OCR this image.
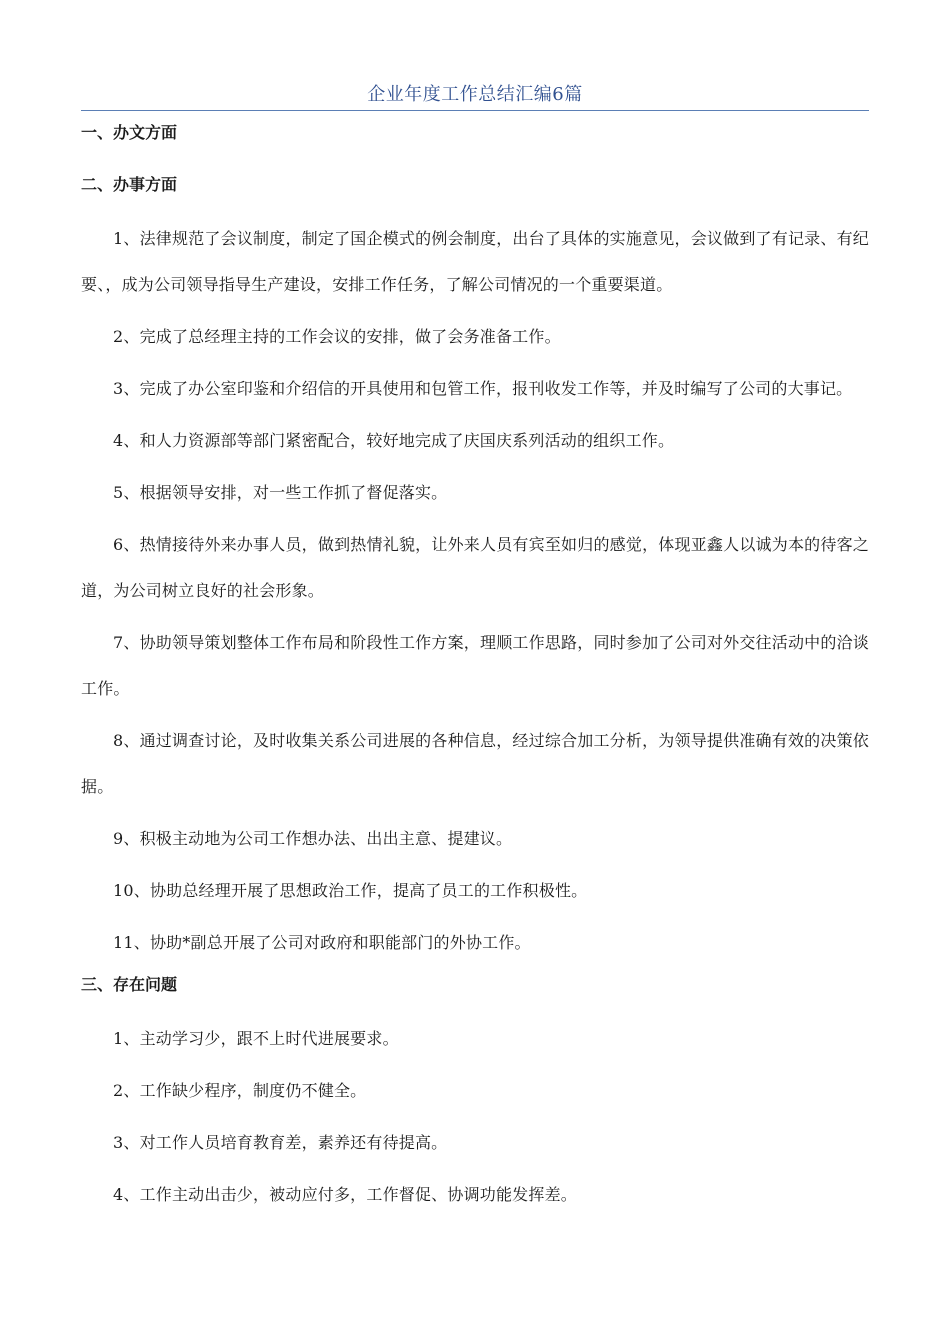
企业年度工作总结汇编6篇
一、办文方面
二、办事方面

1、法律规范了会议制度，制定了国企模式的例会制度，出台了具体的实施意见，会议做到了有记录、有纪要、，成为公司领导指导生产建设，安排工作任务，了解公司情况的一个重要渠道。

2、完成了总经理主持的工作会议的安排，做了会务准备工作。

3、完成了办公室印鉴和介绍信的开具使用和包管工作，报刊收发工作等，并及时编写了公司的大事记。

4、和人力资源部等部门紧密配合，较好地完成了庆国庆系列活动的组织工作。

5、根据领导安排，对一些工作抓了督促落实。

6、热情接待外来办事人员，做到热情礼貌，让外来人员有宾至如归的感觉，体现亚鑫人以诚为本的待客之道，为公司树立良好的社会形象。

7、协助领导策划整体工作布局和阶段性工作方案，理顺工作思路，同时参加了公司对外交往活动中的洽谈工作。

8、通过调查讨论，及时收集关系公司进展的各种信息，经过综合加工分析，为领导提供准确有效的决策依据。

9、积极主动地为公司工作想办法、出出主意、提建议。

10、协助总经理开展了思想政治工作，提高了员工的工作积极性。

11、协助*副总开展了公司对政府和职能部门的外协工作。

三、存在问题

1、主动学习少，跟不上时代进展要求。

2、工作缺少程序，制度仍不健全。

3、对工作人员培育教育差，素养还有待提高。

4、工作主动出击少，被动应付多，工作督促、协调功能发挥差。
